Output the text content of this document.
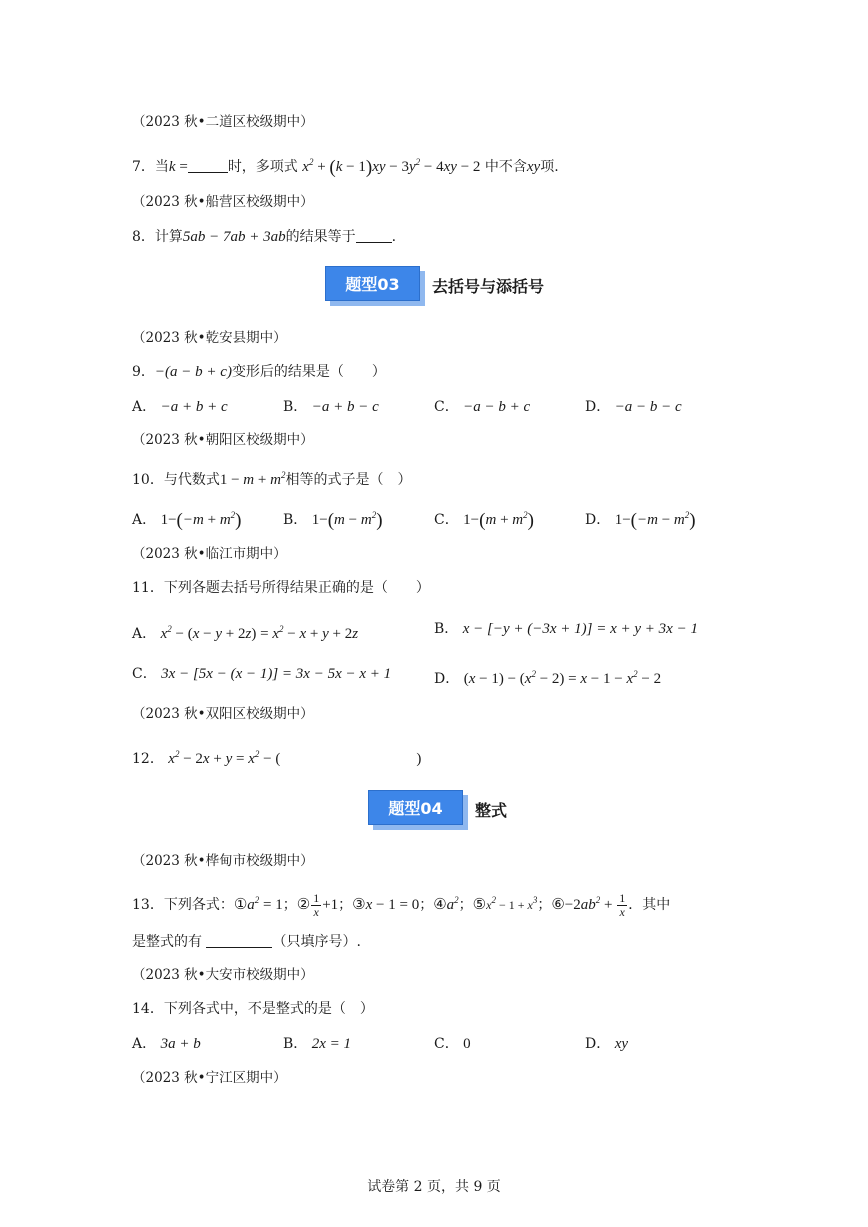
（2023 秋•二道区校级期中）
7．当k =	时，多项式 $x^2 + (k - 1)xy - 3y^2 - 4xy - 2$ 中不含xy项.
（2023 秋•船营区校级期中）
8．计算5ab − 7ab + 3ab的结果等于	.
题型03	去括号与添括号
（2023 秋•乾安县期中）
9．−(a − b + c)变形后的结果是（　　）
A． −a + b + c	B． −a + b − c	C． −a − b + c	D． −a − b − c
（2023 秋•朝阳区校级期中）
10．与代数式$1 - m + m^2$相等的式子是（　）
A． $1-(-m + m^2)$	B． $1-(m - m^2)$	C． $1-(m + m^2)$	D． $1-(-m - m^2)$
（2023 秋•临江市期中）
11．下列各题去括号所得结果正确的是（　　）
A． $x^2 - (x - y + 2z) = x^2 - x + y + 2z$	B． x − [−y + (−3x + 1)] = x + y + 3x − 1
C． 3x − [5x − (x − 1)] = 3x − 5x − x + 1	D． $(x - 1) - (x^2 - 2) = x - 1 - x^2 - 2$
（2023 秋•双阳区校级期中）
12． $x^2 - 2x + y = x^2$ − (	)
题型04	整式
（2023 秋•桦甸市校级期中）
13．下列各式：$①a^2 = 1$；② $\frac{1}{x} +1$；③x − 1 = 0；$④a^2$；$⑤x^2 - 1 + x^3$；$⑥-2ab^2 + \frac{1}{x}$ ．其中
是整式的有	（只填序号）.
（2023 秋•大安市校级期中）
14．下列各式中，不是整式的是（　）
A． 3a + b	B． 2x = 1	C． 0	D． xy
（2023 秋•宁江区期中）
试卷第 2 页，共 9 页
